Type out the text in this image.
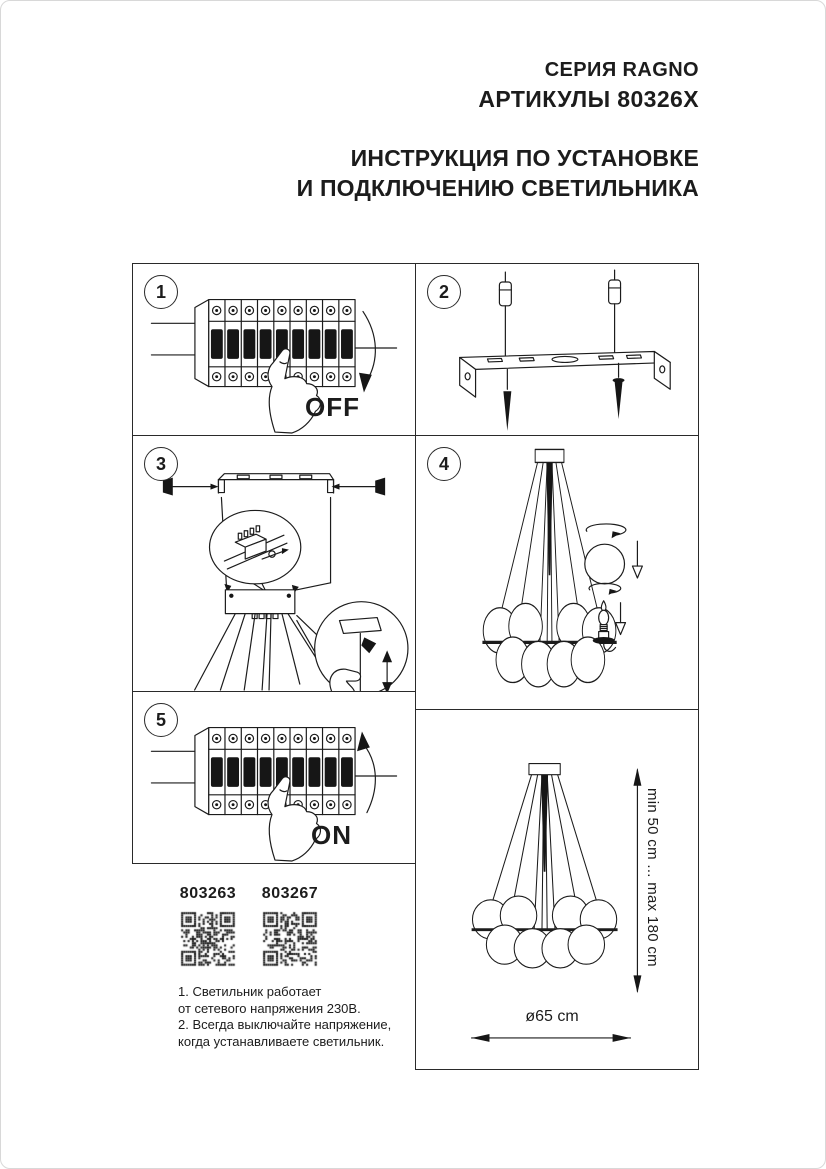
СЕРИЯ RAGNO
АРТИКУЛЫ 80326X
ИНСТРУКЦИЯ ПО УСТАНОВКЕ
И ПОДКЛЮЧЕНИЮ СВЕТИЛЬНИКА
1
OFF
2
3	4
5
ON	min 50 cm ... max 180 cm
ø65 cm
803263 803267
1. Светильник работает
от сетевого напряжения 230В.
2. Всегда выключайте напряжение,
когда устанавливаете светильник.
